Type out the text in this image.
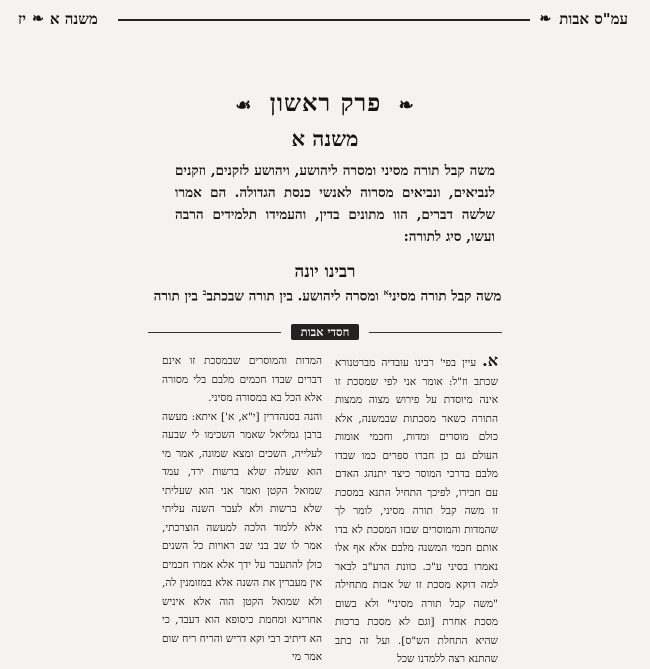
עמ"ס אבות
❧
משנה א
❧
יז
❧ פרק ראשון ☙
משנה א
משה קבל תורה מסיני ומסרה ליהושע, ויהושע לזקנים, וזקנים לנביאים, ונביאים מסרוה לאנשי כנסת הגדולה. הם אמרו שלשה דברים, הוו מתונים בדין, והעמידו תלמידים הרבה ועשו, סיג לתורה:
רבינו יונה
משה קבל תורה מסיני$^א$ ומסרה ליהושע. בין תורה שבכתב$^ב$ בין תורה
חסדי אבות

א.עיין בפי' רבינו עובדיה מברטנורא שכתב וז"ל: אומר אני לפי שמסכת זו אינה מיוסדת על פירוש מצוה ממצות התורה כשאר מסכתות שבמשנה, אלא כולם מוסרים ומדות, וחכמי אומות העולם גם כן חברו ספרים כמו שבדו מלבם בדרכי המוסר כיצד יתנהג האדם עם חבירו, לפיכך התחיל התנא במסכת זו משה קבל תורה מסיני, לומר לך שהמדות והמוסרים שבזו המסכת לא בדו אותם חכמי המשנה מלבם אלא אף אלו נאמרו בסיני ע"כ. כוונת הרע"ב לבאר למה דוקא מסכת זו של אבות מתחילה "משה קבל תורה מסיני" ולא בשום מסכת אחרת [וגם לא מסכת ברכות שהיא התחלת הש"ס]. ועל זה כתב שהתנא רצה ללמדנו שכל

המדות והמוסרים שבמסכת זו אינם דברים שבדו חכמים מלבם בלי מסורה אלא הכל בא במסורה מסיני.

והנה בסנהדרין [י"א, א'] איתא: מעשה ברבן גמליאל שאמר השכימו לי שבעה לעלייה, השכים ומצא שמונה, אמר מי הוא שעלה שלא ברשות ירד, עמד שמואל הקטן ואמר אני הוא שעליתי שלא ברשות ולא לעבר השנה עליתי אלא ללמוד הלכה למעשה הוצרכתי, אמר לו שב בני שב ראויות כל השנים כולן להתעבר על ידך אלא אמרו חכמים אין מעברין את השנה אלא במזומנין לה, ולא שמואל הקטן הוה אלא איניש אחרינא ומחמת כיסופא הוא דעבד, כי הא דיתיב רבי וקא דריש והריח ריח שום אמר מי
